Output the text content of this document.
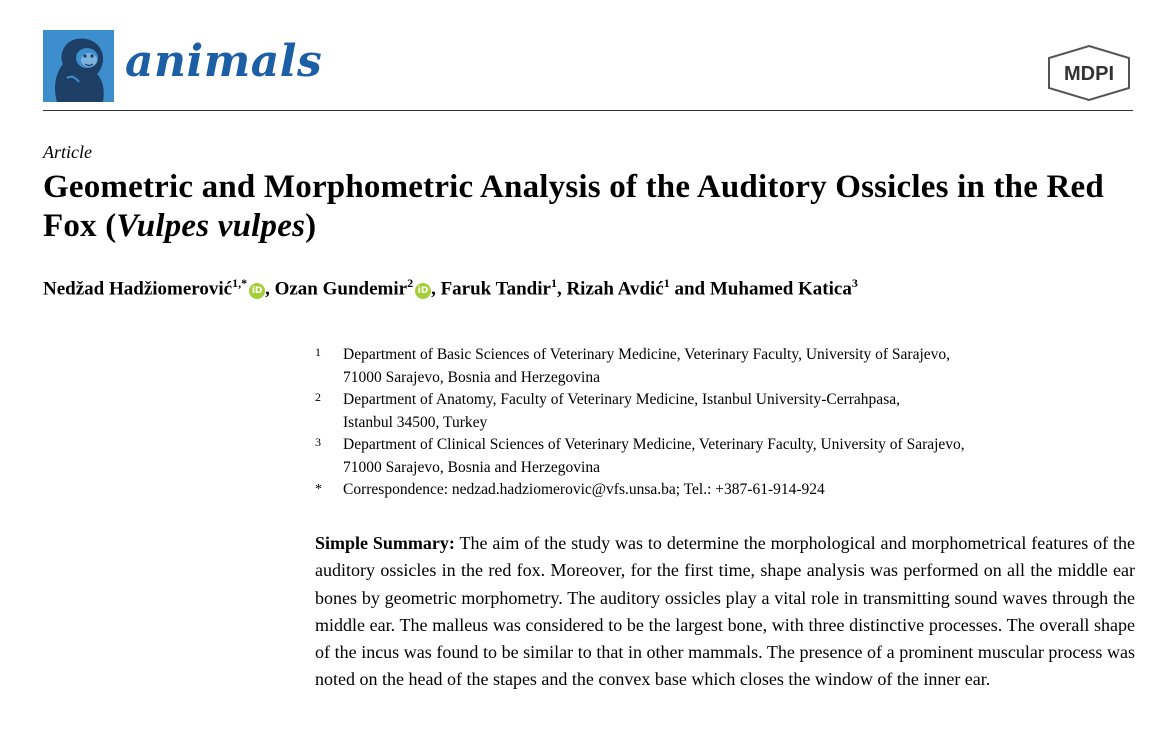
animals	MDPI
Article
Geometric and Morphometric Analysis of the Auditory Ossicles in the Red Fox (Vulpes vulpes)
Nedžad Hadžiomerović$^{1,*}$iD , Ozan Gundemir$^2$iD , Faruk Tandir$^1$, Rizah Avdić$^1$ and Muhamed Katica$^3$
1 Department of Basic Sciences of Veterinary Medicine, Veterinary Faculty, University of Sarajevo,
71000 Sarajevo, Bosnia and Herzegovina
2 Department of Anatomy, Faculty of Veterinary Medicine, Istanbul University-Cerrahpasa,
Istanbul 34500, Turkey
3 Department of Clinical Sciences of Veterinary Medicine, Veterinary Faculty, University of Sarajevo,
71000 Sarajevo, Bosnia and Herzegovina
* Correspondence: nedzad.hadziomerovic@vfs.unsa.ba; Tel.: +387-61-914-924
Simple Summary: The aim of the study was to determine the morphological and morphometrical features of the auditory ossicles in the red fox. Moreover, for the first time, shape analysis was performed on all the middle ear bones by geometric morphometry. The auditory ossicles play a vital role in transmitting sound waves through the middle ear. The malleus was considered to be the largest bone, with three distinctive processes. The overall shape of the incus was found to be similar to that in other mammals. The presence of a prominent muscular process was noted on the head of the stapes and the convex base which closes the window of the inner ear.
